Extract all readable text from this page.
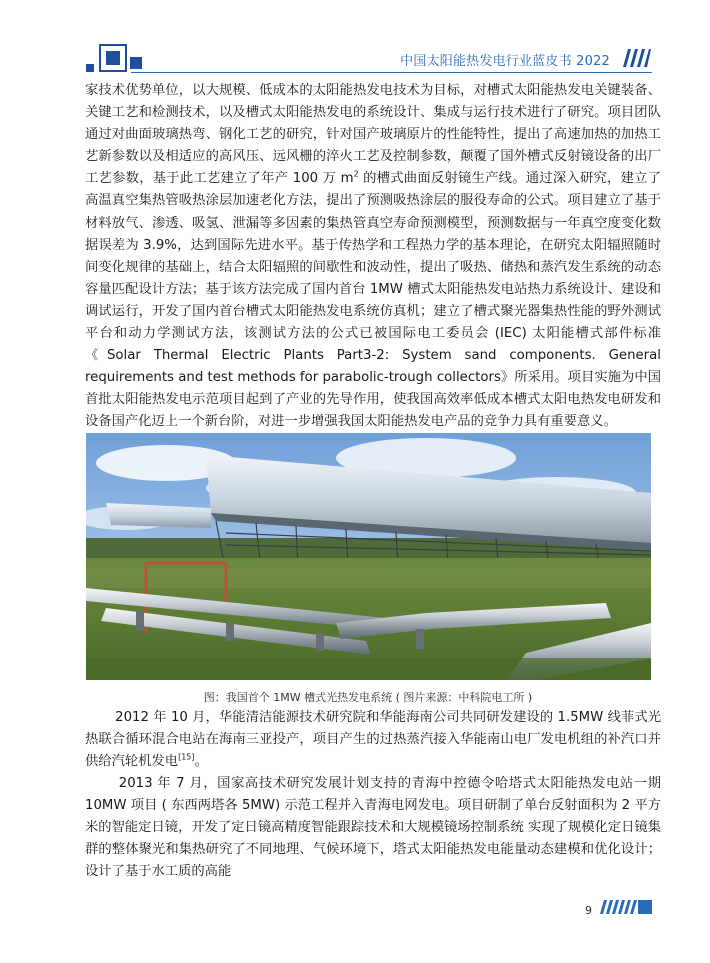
中国太阳能热发电行业蓝皮书 2022

家技术优势单位，以大规模、低成本的太阳能热发电技术为目标，对槽式太阳能热发电关键装备、关键工艺和检测技术，以及槽式太阳能热发电的系统设计、集成与运行技术进行了研究。项目团队通过对曲面玻璃热弯、钢化工艺的研究，针对国产玻璃原片的性能特性，提出了高速加热的加热工艺新参数以及相适应的高风压、远风栅的淬火工艺及控制参数，颠覆了国外槽式反射镜设备的出厂工艺参数，基于此工艺建立了年产 100 万 $m^2$ 的槽式曲面反射镜生产线。通过深入研究，建立了高温真空集热管吸热涂层加速老化方法，提出了预测吸热涂层的服役寿命的公式。项目建立了基于材料放气、渗透、吸氢、泄漏等多因素的集热管真空寿命预测模型，预测数据与一年真空度变化数据误差为 3.9%，达到国际先进水平。基于传热学和工程热力学的基本理论，在研究太阳辐照随时间变化规律的基础上，结合太阳辐照的间歇性和波动性，提出了吸热、储热和蒸汽发生系统的动态容量匹配设计方法；基于该方法完成了国内首台 1MW 槽式太阳能热发电站热力系统设计、建设和调试运行，开发了国内首台槽式太阳能热发电系统仿真机；建立了槽式聚光器集热性能的野外测试平台和动力学测试方法，该测试方法的公式已被国际电工委员会 (IEC) 太阳能槽式部件标准《Solar Thermal Electric Plants Part3-2: System sand components. General requirements and test methods for parabolic-trough collectors》所采用。项目实施为中国首批太阳能热发电示范项目起到了产业的先导作用，使我国高效率低成本槽式太阳电热发电研发和设备国产化迈上一个新台阶，对进一步增强我国太阳能热发电产品的竞争力具有重要意义。

图：我国首个 1MW 槽式光热发电系统 ( 图片来源：中科院电工所 )

2012 年 10 月，华能清洁能源技术研究院和华能海南公司共同研发建设的 1.5MW 线菲式光热联合循环混合电站在海南三亚投产，项目产生的过热蒸汽接入华能南山电厂发电机组的补汽口并供给汽轮机发电[15]。

2013 年 7 月，国家高技术研究发展计划支持的青海中控德令哈塔式太阳能热发电站一期 10MW 项目 ( 东西两塔各 5MW) 示范工程并入青海电网发电。项目研制了单台反射面积为 2 平方米的智能定日镜，开发了定日镜高精度智能跟踪技术和大规模镜场控制系统 实现了规模化定日镜集群的整体聚光和集热研究了不同地理、气候环境下，塔式太阳能热发电能量动态建模和优化设计；设计了基于水工质的高能

9
